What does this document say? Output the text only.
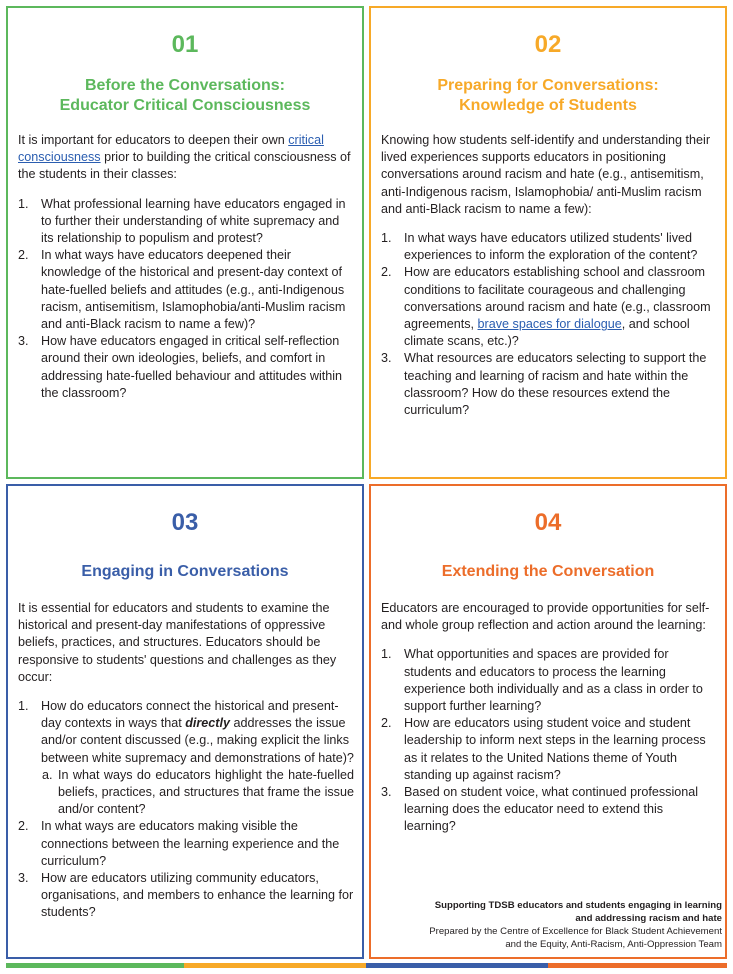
01
Before the Conversations:
Educator Critical Consciousness
It is important for educators to deepen their own critical consciousness prior to building the critical consciousness of the students in their classes:
1. What professional learning have educators engaged in to further their understanding of white supremacy and its relationship to populism and protest?
2. In what ways have educators deepened their knowledge of the historical and present-day context of hate-fuelled beliefs and attitudes (e.g., anti-Indigenous racism, antisemitism, Islamophobia/anti-Muslim racism and anti-Black racism to name a few)?
3. How have educators engaged in critical self-reflection around their own ideologies, beliefs, and comfort in addressing hate-fuelled behaviour and attitudes within the classroom?
02
Preparing for Conversations:
Knowledge of Students
Knowing how students self-identify and understanding their lived experiences supports educators in positioning conversations around racism and hate (e.g., antisemitism, anti-Indigenous racism, Islamophobia/ anti-Muslim racism and anti-Black racism to name a few):
1. In what ways have educators utilized students' lived experiences to inform the exploration of the content?
2. How are educators establishing school and classroom conditions to facilitate courageous and challenging conversations around racism and hate (e.g., classroom agreements, brave spaces for dialogue, and school climate scans, etc.)?
3. What resources are educators selecting to support the teaching and learning of racism and hate within the classroom? How do these resources extend the curriculum?
03
Engaging in Conversations
It is essential for educators and students to examine the historical and present-day manifestations of oppressive beliefs, practices, and structures. Educators should be responsive to students' questions and challenges as they occur:
1. How do educators connect the historical and present-day contexts in ways that directly addresses the issue and/or content discussed (e.g., making explicit the links between white supremacy and demonstrations of hate)?
a. In what ways do educators highlight the hate-fuelled beliefs, practices, and structures that frame the issue and/or content?
2. In what ways are educators making visible the connections between the learning experience and the curriculum?
3. How are educators utilizing community educators, organisations, and members to enhance the learning for students?
04
Extending the Conversation
Educators are encouraged to provide opportunities for self- and whole group reflection and action around the learning:
1. What opportunities and spaces are provided for students and educators to process the learning experience both individually and as a class in order to support further learning?
2. How are educators using student voice and student leadership to inform next steps in the learning process as it relates to the United Nations theme of Youth standing up against racism?
3. Based on student voice, what continued professional learning does the educator need to extend this learning?
Supporting TDSB educators and students engaging in learning
and addressing racism and hate
Prepared by the Centre of Excellence for Black Student Achievement
and the Equity, Anti-Racism, Anti-Oppression Team
